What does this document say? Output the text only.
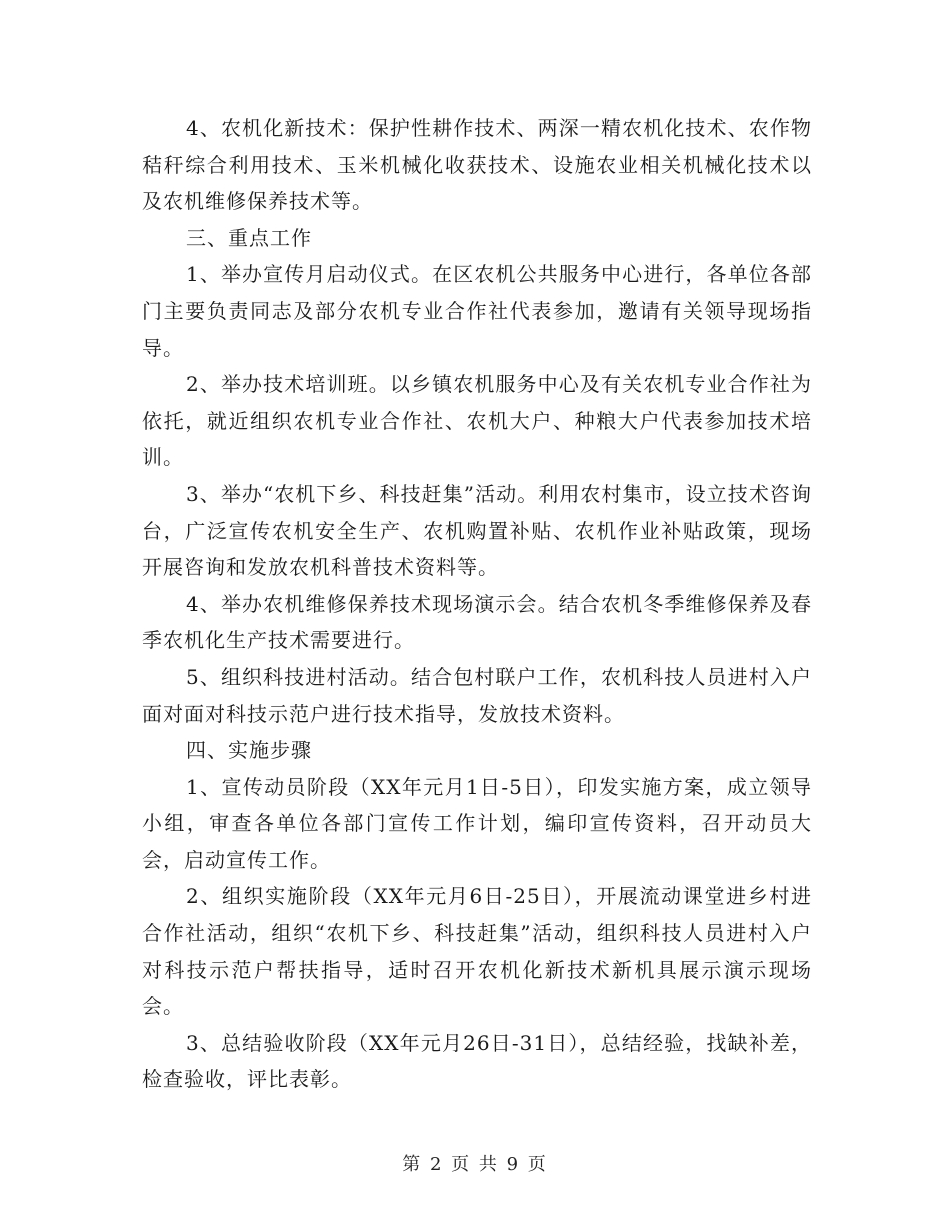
4、农机化新技术：保护性耕作技术、两深一精农机化技术、农作物秸秆综合利用技术、玉米机械化收获技术、设施农业相关机械化技术以及农机维修保养技术等。

三、重点工作

1、举办宣传月启动仪式。在区农机公共服务中心进行，各单位各部门主要负责同志及部分农机专业合作社代表参加，邀请有关领导现场指导。

2、举办技术培训班。以乡镇农机服务中心及有关农机专业合作社为依托，就近组织农机专业合作社、农机大户、种粮大户代表参加技术培训。

3、举办“农机下乡、科技赶集”活动。利用农村集市，设立技术咨询台，广泛宣传农机安全生产、农机购置补贴、农机作业补贴政策，现场开展咨询和发放农机科普技术资料等。

4、举办农机维修保养技术现场演示会。结合农机冬季维修保养及春季农机化生产技术需要进行。

5、组织科技进村活动。结合包村联户工作，农机科技人员进村入户面对面对科技示范户进行技术指导，发放技术资料。

四、实施步骤

1、宣传动员阶段（XX年元月1日-5日），印发实施方案，成立领导小组，审查各单位各部门宣传工作计划，编印宣传资料，召开动员大会，启动宣传工作。

2、组织实施阶段（XX年元月6日-25日），开展流动课堂进乡村进合作社活动，组织“农机下乡、科技赶集”活动，组织科技人员进村入户对科技示范户帮扶指导，适时召开农机化新技术新机具展示演示现场会。

3、总结验收阶段（XX年元月26日-31日），总结经验，找缺补差，检查验收，评比表彰。

第 2 页 共 9 页
